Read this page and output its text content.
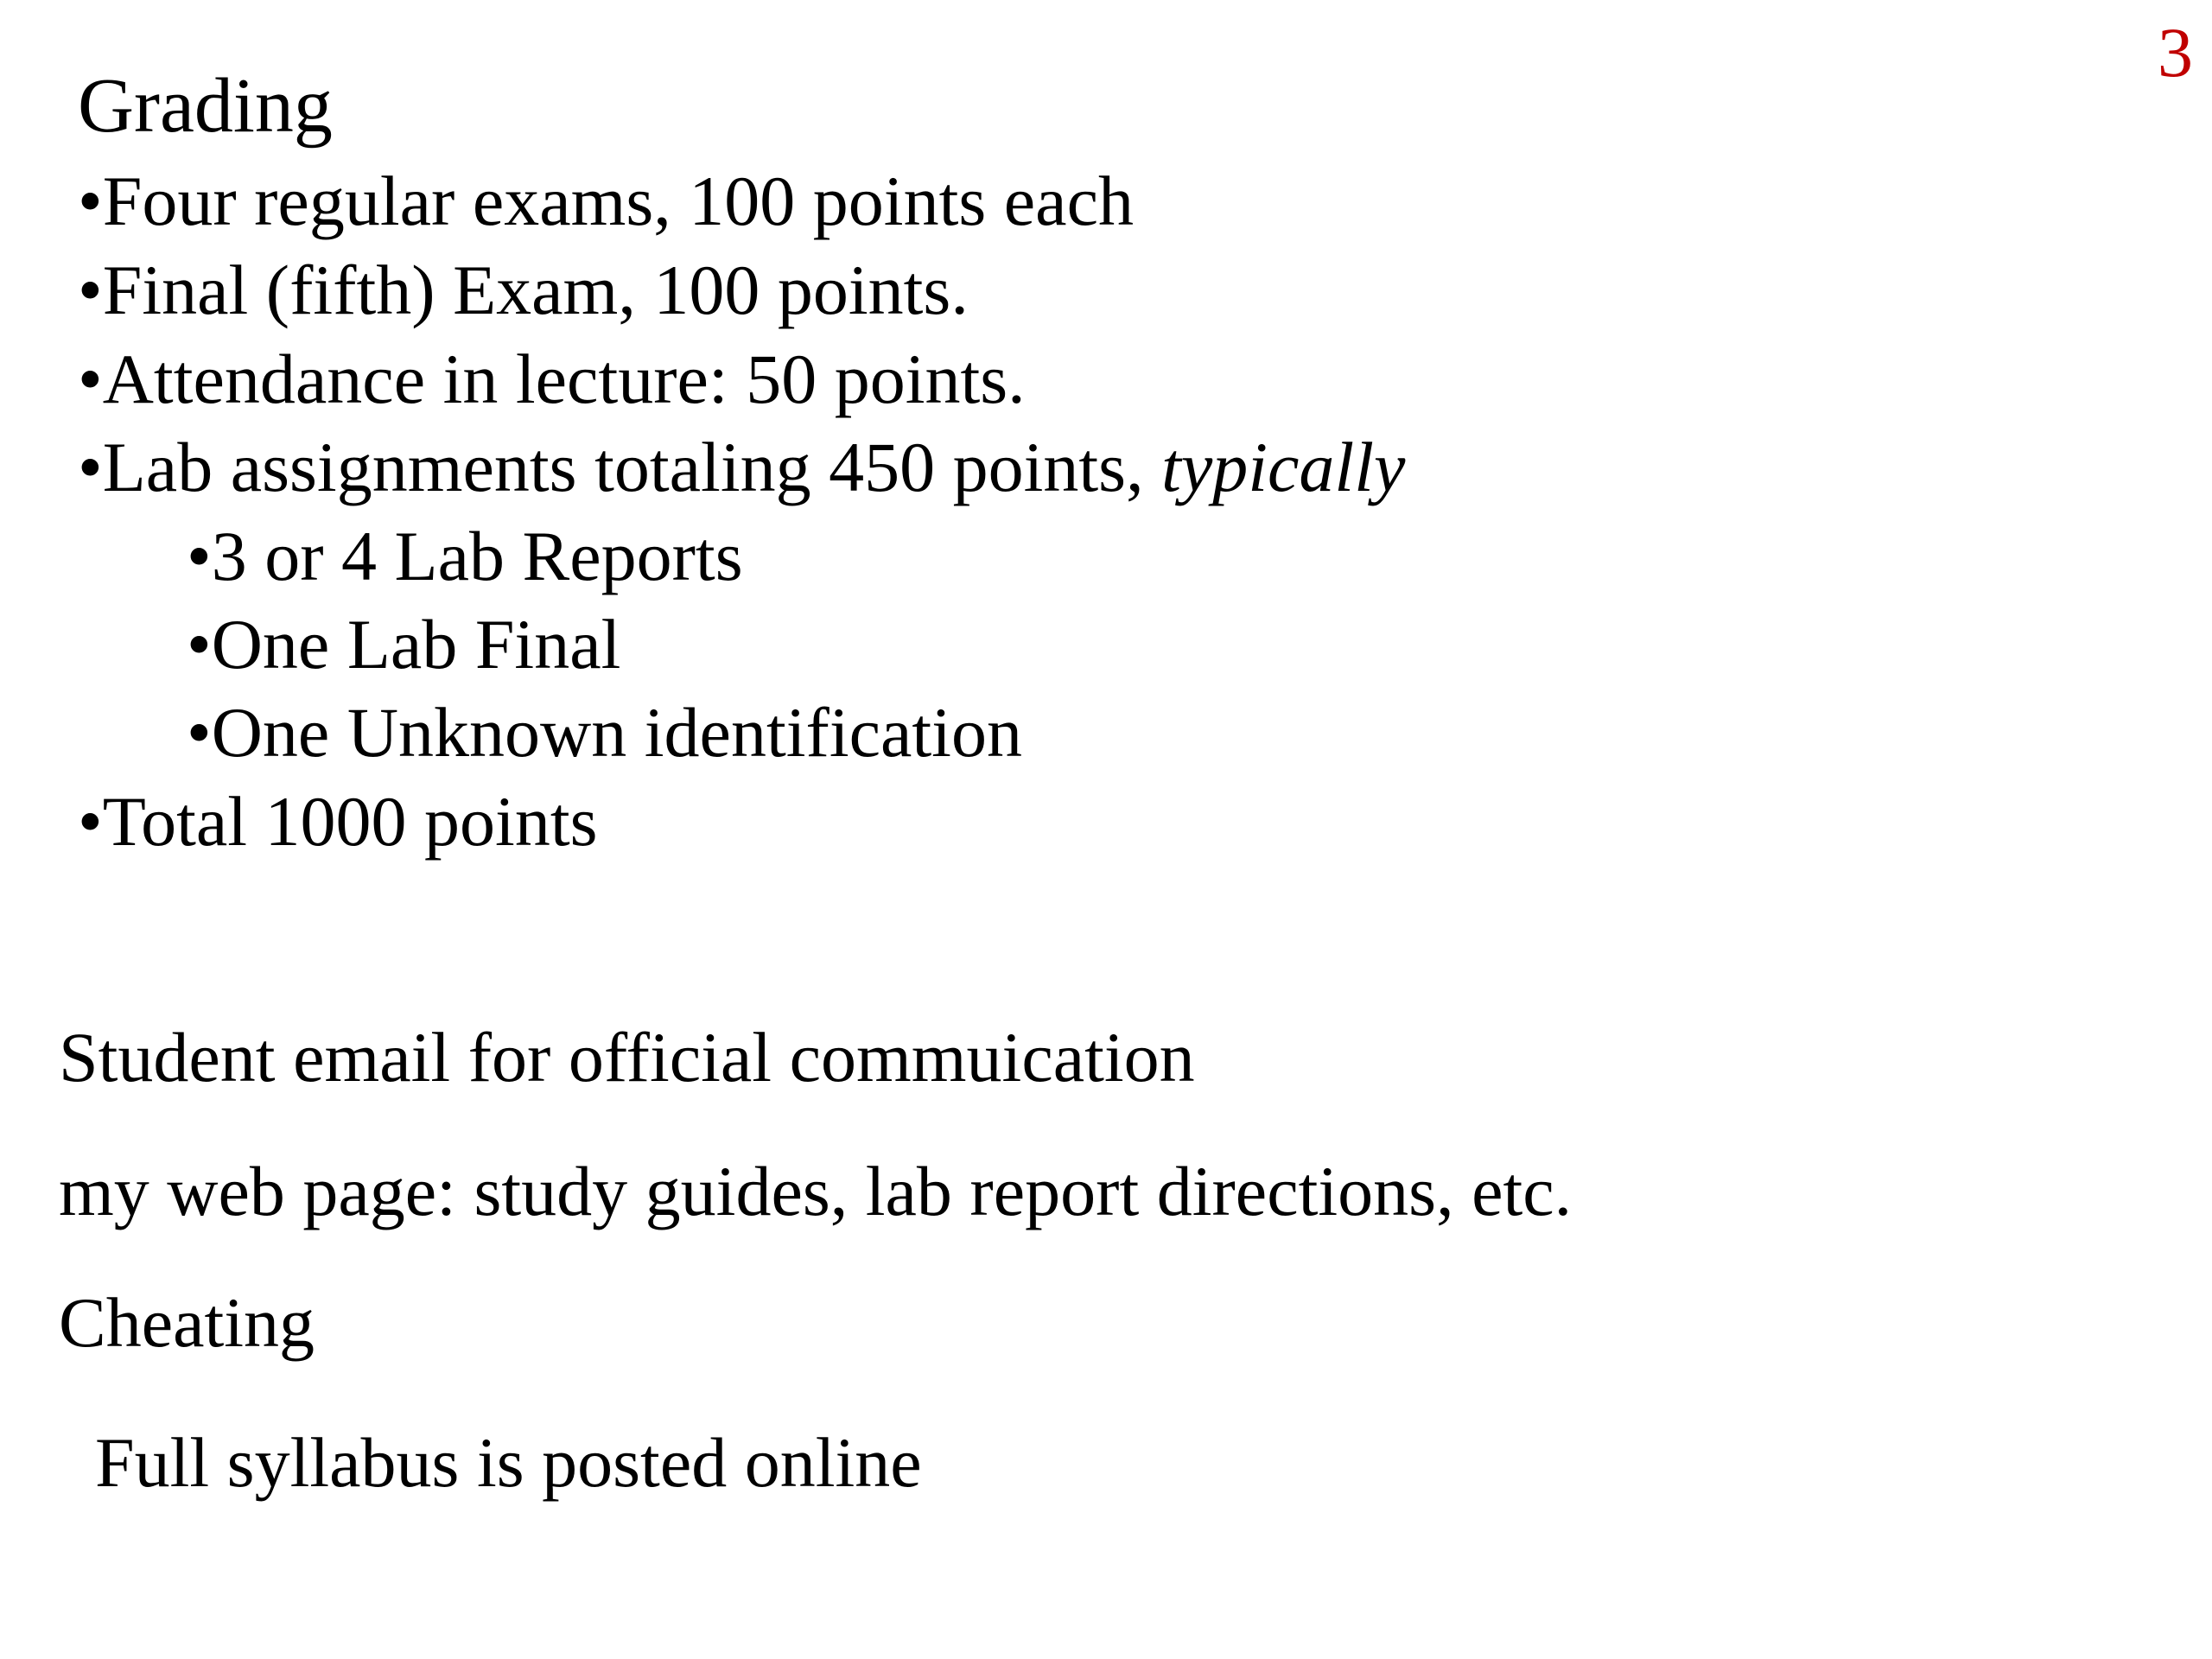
3
Grading
•Four regular exams, 100 points each
•Final (fifth) Exam, 100 points.
•Attendance in lecture: 50 points.
•Lab assignments totaling 450 points, typically
•3 or 4 Lab Reports
•One Lab Final
•One Unknown identification
•Total 1000 points
Student email for official commuication
my web page: study guides, lab report directions, etc.
Cheating
Full syllabus is posted online
